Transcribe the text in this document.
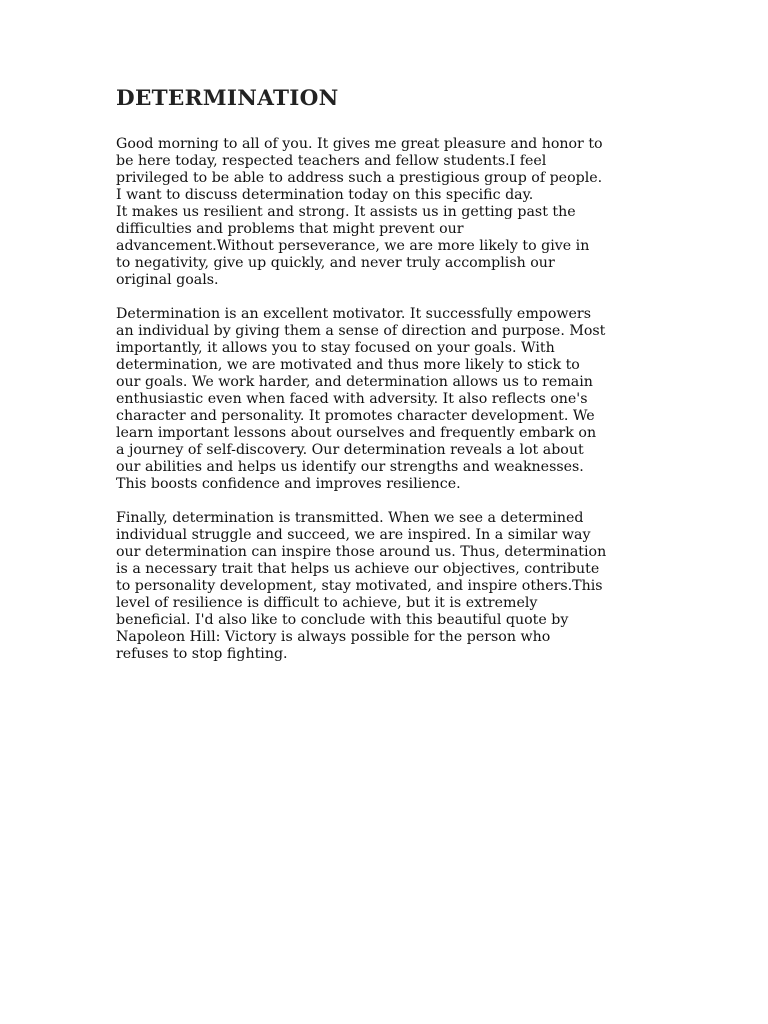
DETERMINATION

Good morning to all of you. It gives me great pleasure and honor to
be here today, respected teachers and fellow students.I feel
privileged to be able to address such a prestigious group of people.
I want to discuss determination today on this specific day.
It makes us resilient and strong. It assists us in getting past the
difficulties and problems that might prevent our
advancement.Without perseverance, we are more likely to give in
to negativity, give up quickly, and never truly accomplish our
original goals.

Determination is an excellent motivator. It successfully empowers
an individual by giving them a sense of direction and purpose. Most
importantly, it allows you to stay focused on your goals. With
determination, we are motivated and thus more likely to stick to
our goals. We work harder, and determination allows us to remain
enthusiastic even when faced with adversity. It also reflects one's
character and personality. It promotes character development. We
learn important lessons about ourselves and frequently embark on
a journey of self-discovery. Our determination reveals a lot about
our abilities and helps us identify our strengths and weaknesses.
This boosts confidence and improves resilience.

Finally, determination is transmitted. When we see a determined
individual struggle and succeed, we are inspired. In a similar way
our determination can inspire those around us. Thus, determination
is a necessary trait that helps us achieve our objectives, contribute
to personality development, stay motivated, and inspire others.This
level of resilience is difficult to achieve, but it is extremely
beneficial. I'd also like to conclude with this beautiful quote by
Napoleon Hill: Victory is always possible for the person who
refuses to stop fighting.
